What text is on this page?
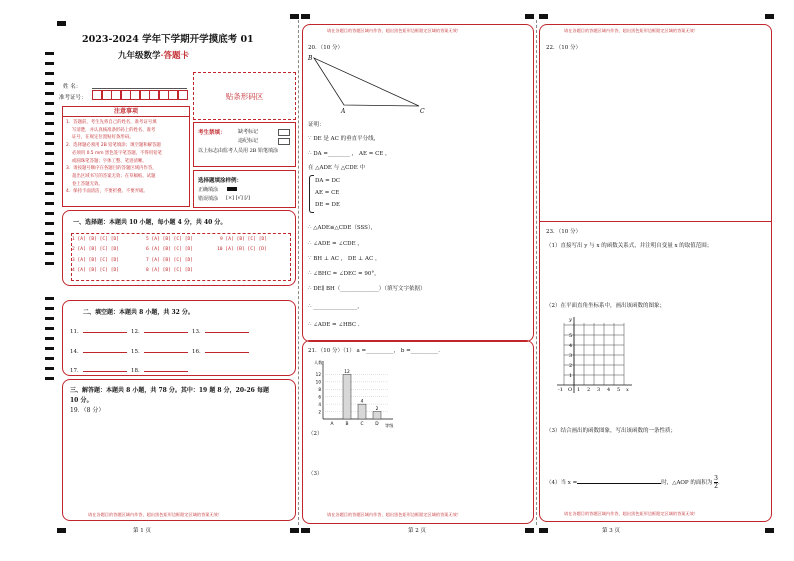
2023-2024 学年下学期开学摸底考 01
九年级数学·答题卡
姓 名：
准考证号：	贴条形码区
注意事项
1．答题前，考生先将自己的姓名，准考证号填
写清楚，并认真核准条形码上的姓名、准考
证号，在规定位置贴好条形码。
2．选择题必须用 2B 铅笔填涂；填空题和解答题
必须用 0.5 mm 黑色签字笔答题，不得用铅笔
或圆珠笔答题；字体工整、笔迹清晰。
3．请按题号顺序在各题目的答题区域内作答，
超出区域书写的答案无效；在草稿纸、试题
卷上答题无效。
4．保持卡面清洁，不要折叠、不要弄破。
考生禁填： 缺考标记
违纪标记
以上标志由监考人员用 2B 铅笔填涂
选择题填涂样例：
正确填涂
错误填涂 [×] [√] [/]
一、选择题：本题共 10 小题，每小题 4 分，共 40 分。
1 [A] [B] [C] [D]
2 [A] [B] [C] [D]
3 [A] [B] [C] [D]
4 [A] [B] [C] [D]
5 [A] [B] [C] [D]
6 [A] [B] [C] [D]
7 [A] [B] [C] [D]
8 [A] [B] [C] [D]
9 [A] [B] [C] [D]
10 [A] [B] [C] [D]
二、填空题：本题共 8 小题，共 32 分。
11．	12．	13．
14．	15．	16．
17．	18．
三、解答题：本题共 8 小题，共 78 分。其中：19 题 8 分，20-26 每题
10 分。
19．（8 分）
请在各题目的答题区域内作答，超出黑色矩形边框限定区域的答案无效！
第 1 页
请在各题目的答题区域内作答，超出黑色矩形边框限定区域的答案无效！
20．（10 分）
B
A	C
证明：
∵ DE 是 AC 的垂直平分线，
∴ DA =________ ， AE = CE ，
在 △ADE 与 △CDE 中
DA = DC
AE = CE
DE = DE
∴ △ADE≌△CDE（SSS），
∴ ∠ADE = ∠CDE ，
∵ BH ⊥ AC ， DE ⊥ AC ，
∴ ∠BHC = ∠DEC = 90°，
∴ DE∥ BH（______________）（填写文字依据）
∴ ________________，
∴ ∠ADE = ∠HBC ．
21．（10 分）（1） a =__________， b =__________．
2
4
6
8
10
12
人数
等级
A
12
B
4
C
2
D
（2）
（3）
请在各题目的答题区域内作答，超出黑色矩形边框限定区域的答案无效！
第 2 页
请在各题目的答题区域内作答，超出黑色矩形边框限定区域的答案无效！
22．（10 分）
23．（10 分）
（1）直接写出 y 与 x 的函数关系式，并注明自变量 x 的取值范围；
（2）在平面直角坐标系中，画出该函数的图象；
1 2 3 4 5
1
2
3
4
5
x
y
O
-1
（3）结合画出的函数图象，写出该函数的一条性质；
（4）当 x =	时，△AOP 的面积为 $\frac{3}{2}$ ．
请在各题目的答题区域内作答，超出黑色矩形边框限定区域的答案无效！
第 3 页
